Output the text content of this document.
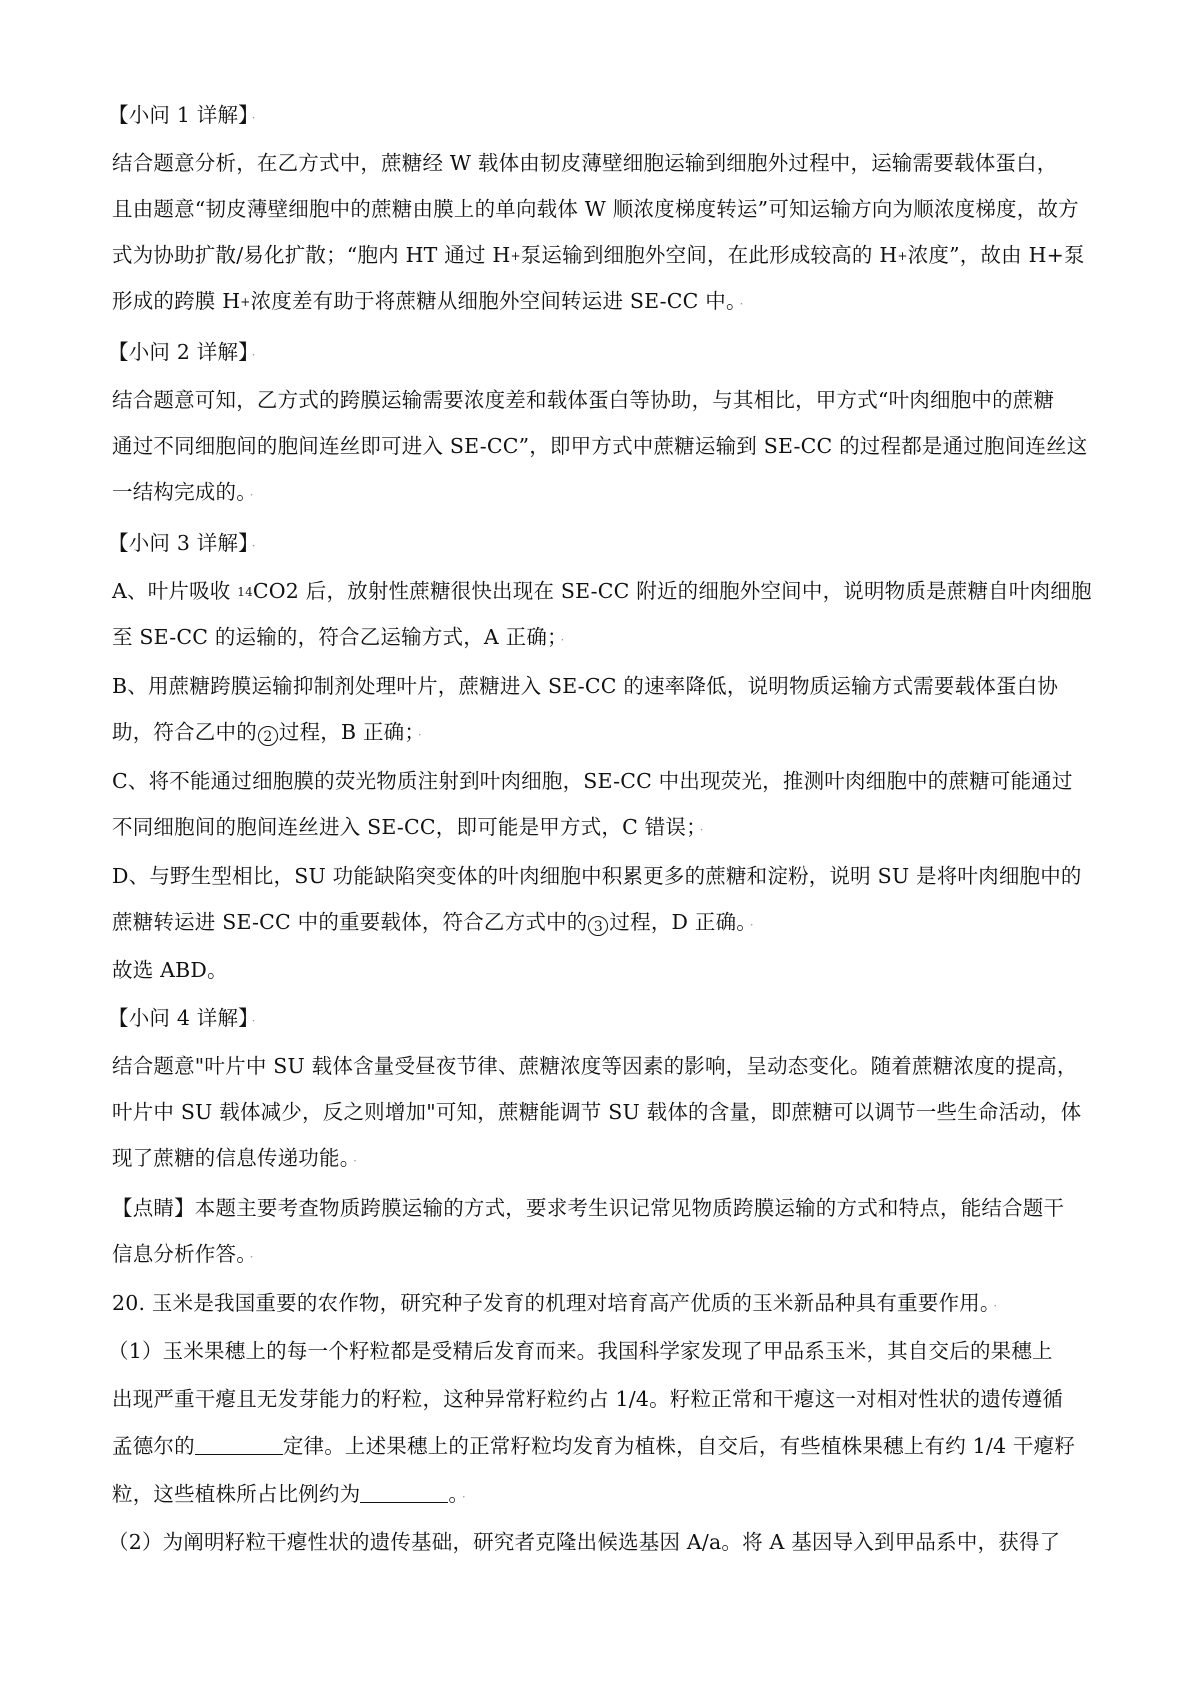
【小问 1 详解】 ·
结合题意分析，在乙方式中，蔗糖经 W 载体由韧皮薄壁细胞运输到细胞外过程中，运输需要载体蛋白，
且由题意“韧皮薄壁细胞中的蔗糖由膜上的单向载体 W 顺浓度梯度转运”可知运输方向为顺浓度梯度，故方
式为协助扩散/易化扩散；“胞内 HT 通过 H+泵运输到细胞外空间，在此形成较高的 H+浓度”，故由 H+泵
形成的跨膜 H+浓度差有助于将蔗糖从细胞外空间转运进 SE-CC 中。 ·
【小问 2 详解】 ·
结合题意可知，乙方式的跨膜运输需要浓度差和载体蛋白等协助，与其相比，甲方式“叶肉细胞中的蔗糖
通过不同细胞间的胞间连丝即可进入 SE-CC”，即甲方式中蔗糖运输到 SE-CC 的过程都是通过胞间连丝这
一结构完成的。 ·
【小问 3 详解】 ·
A、叶片吸收 $^{14}$CO2 后，放射性蔗糖很快出现在 SE-CC 附近的细胞外空间中，说明物质是蔗糖自叶肉细胞
至 SE-CC 的运输的，符合乙运输方式，A 正确； ·
B、用蔗糖跨膜运输抑制剂处理叶片，蔗糖进入 SE-CC 的速率降低，说明物质运输方式需要载体蛋白协
助，符合乙中的 2 过程，B 正确； ·
C、将不能通过细胞膜的荧光物质注射到叶肉细胞，SE-CC 中出现荧光，推测叶肉细胞中的蔗糖可能通过
不同细胞间的胞间连丝进入 SE-CC，即可能是甲方式，C 错误； ·
D、与野生型相比，SU 功能缺陷突变体的叶肉细胞中积累更多的蔗糖和淀粉，说明 SU 是将叶肉细胞中的
蔗糖转运进 SE-CC 中的重要载体，符合乙方式中的 3 过程，D 正确。 ·
故选 ABD。
【小问 4 详解】 ·
结合题意"叶片中 SU 载体含量受昼夜节律、蔗糖浓度等因素的影响，呈动态变化。随着蔗糖浓度的提高，
叶片中 SU 载体减少，反之则增加"可知，蔗糖能调节 SU 载体的含量，即蔗糖可以调节一些生命活动，体
现了蔗糖的信息传递功能。 ·
【点睛】本题主要考查物质跨膜运输的方式，要求考生识记常见物质跨膜运输的方式和特点，能结合题干
信息分析作答。 ·
20. 玉米是我国重要的农作物，研究种子发育的机理对培育高产优质的玉米新品种具有重要作用。 ·
（1）玉米果穗上的每一个籽粒都是受精后发育而来。我国科学家发现了甲品系玉米，其自交后的果穗上
出现严重干瘪且无发芽能力的籽粒，这种异常籽粒约占 1/4。籽粒正常和干瘪这一对相对性状的遗传遵循
孟德尔的	定律。上述果穗上的正常籽粒均发育为植株，自交后，有些植株果穗上有约 1/4 干瘪籽
粒，这些植株所占比例约为	。 ·
（2）为阐明籽粒干瘪性状的遗传基础，研究者克隆出候选基因 A/a。将 A 基因导入到甲品系中，获得了
